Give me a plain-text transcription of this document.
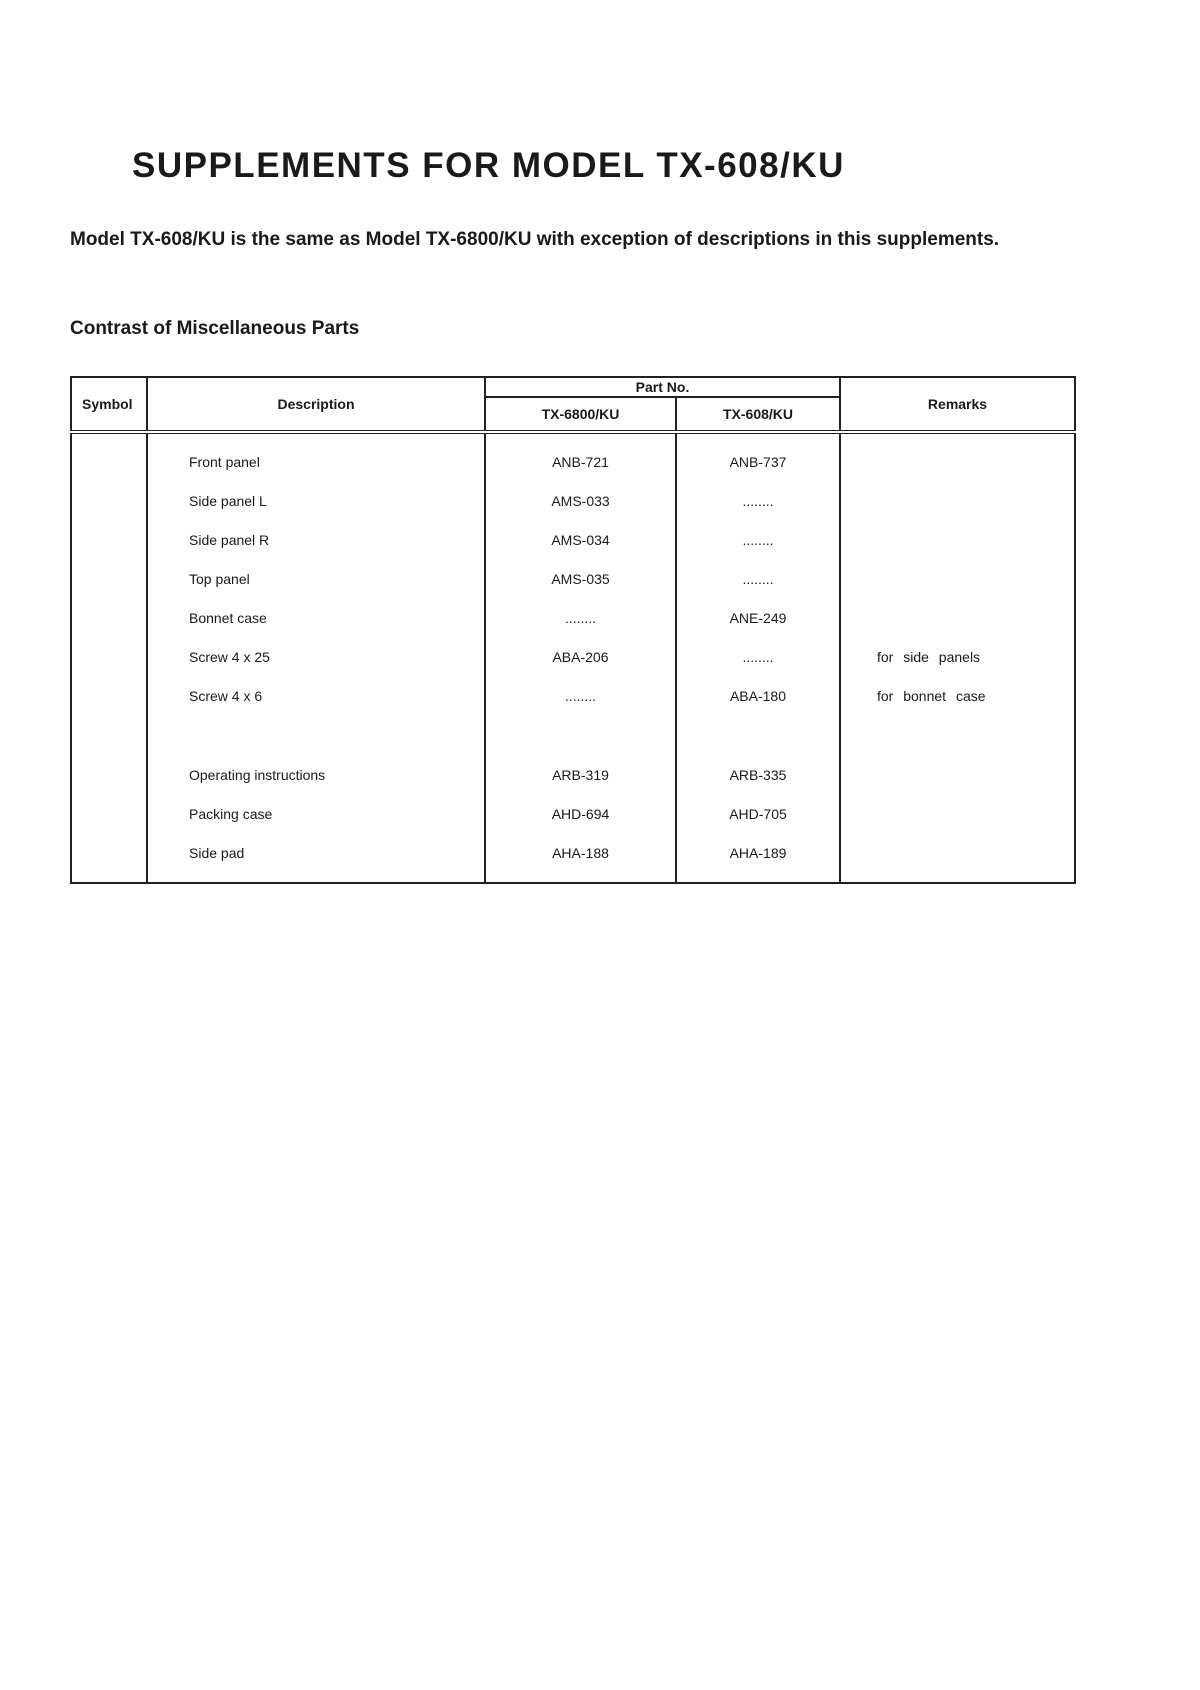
SUPPLEMENTS FOR MODEL TX-608/KU

Model TX-608/KU is the same as Model TX-6800/KU with exception of descriptions in this supplements.

Contrast of Miscellaneous Parts
Symbol	Description	Part No.		Remarks
		TX-6800/KU	TX-608/KU	

	Front panel	ANB-721	ANB-737	
	Side panel L	AMS-033	........	
	Side panel R	AMS-034	........	
	Top panel	AMS-035	........	
	Bonnet case	........	ANE-249	
	Screw 4 x 25	ABA-206	........	for side panels
	Screw 4 x 6	........	ABA-180	for bonnet case

	Operating instructions	ARB-319	ARB-335	
	Packing case	AHD-694	AHD-705	
	Side pad	AHA-188	AHA-189	
